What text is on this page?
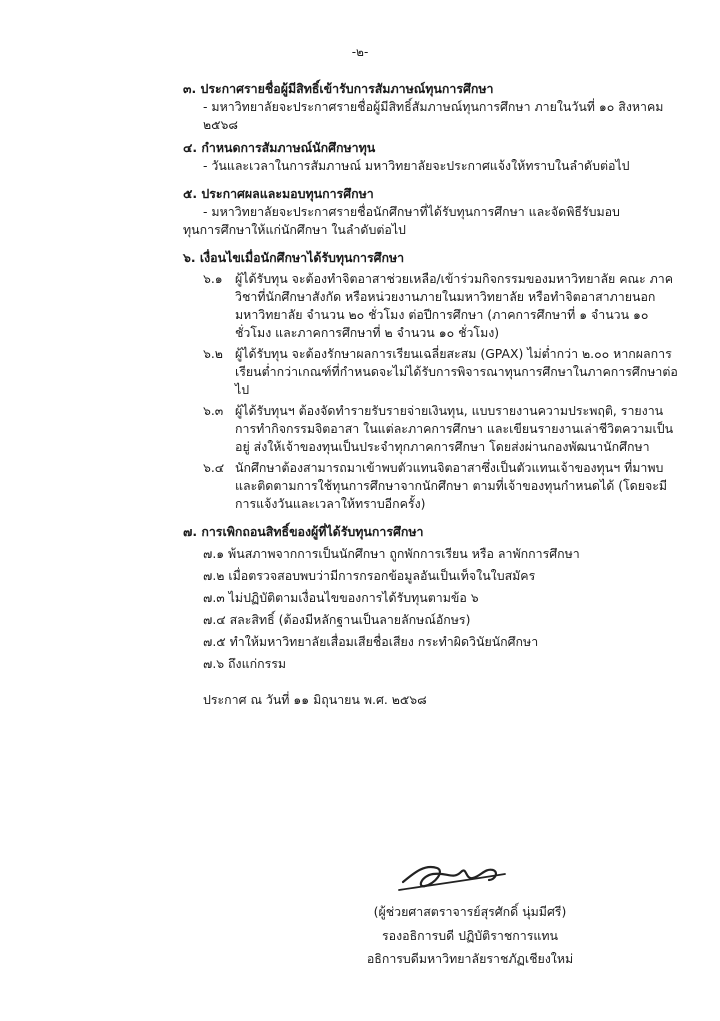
-๒-

๓. ประกาศรายชื่อผู้มีสิทธิ์เข้ารับการสัมภาษณ์ทุนการศึกษา

- มหาวิทยาลัยจะประกาศรายชื่อผู้มีสิทธิ์สัมภาษณ์ทุนการศึกษา ภายในวันที่ ๑๐ สิงหาคม ๒๕๖๘

๔. กำหนดการสัมภาษณ์นักศึกษาทุน

- วันและเวลาในการสัมภาษณ์ มหาวิทยาลัยจะประกาศแจ้งให้ทราบในลำดับต่อไป

๕. ประกาศผลและมอบทุนการศึกษา

- มหาวิทยาลัยจะประกาศรายชื่อนักศึกษาที่ได้รับทุนการศึกษา และจัดพิธีรับมอบ

ทุนการศึกษาให้แก่นักศึกษา ในลำดับต่อไป

๖. เงื่อนไขเมื่อนักศึกษาได้รับทุนการศึกษา

๖.๑ ผู้ได้รับทุน จะต้องทำจิตอาสาช่วยเหลือ/เข้าร่วมกิจกรรมของมหาวิทยาลัย คณะ ภาควิชาที่นักศึกษาสังกัด หรือหน่วยงานภายในมหาวิทยาลัย หรือทำจิตอาสาภายนอกมหาวิทยาลัย จำนวน ๒๐ ชั่วโมง ต่อปีการศึกษา (ภาคการศึกษาที่ ๑ จำนวน ๑๐ ชั่วโมง และภาคการศึกษาที่ ๒ จำนวน ๑๐ ชั่วโมง)
๖.๒ ผู้ได้รับทุน จะต้องรักษาผลการเรียนเฉลี่ยสะสม (GPAX) ไม่ต่ำกว่า ๒.๐๐ หากผลการเรียนต่ำกว่าเกณฑ์ที่กำหนดจะไม่ได้รับการพิจารณาทุนการศึกษาในภาคการศึกษาต่อไป
๖.๓ ผู้ได้รับทุนฯ ต้องจัดทำรายรับรายจ่ายเงินทุน, แบบรายงานความประพฤติ, รายงานการทำกิจกรรมจิตอาสา ในแต่ละภาคการศึกษา และเขียนรายงานเล่าชีวิตความเป็นอยู่ ส่งให้เจ้าของทุนเป็นประจำทุกภาคการศึกษา โดยส่งผ่านกองพัฒนานักศึกษา
๖.๔ นักศึกษาต้องสามารถมาเข้าพบตัวแทนจิตอาสาซึ่งเป็นตัวแทนเจ้าของทุนฯ ที่มาพบและติดตามการใช้ทุนการศึกษาจากนักศึกษา ตามที่เจ้าของทุนกำหนดได้ (โดยจะมีการแจ้งวันและเวลาให้ทราบอีกครั้ง)

๗. การเพิกถอนสิทธิ์ของผู้ที่ได้รับทุนการศึกษา

๗.๑ พ้นสภาพจากการเป็นนักศึกษา ถูกพักการเรียน หรือ ลาพักการศึกษา

๗.๒ เมื่อตรวจสอบพบว่ามีการกรอกข้อมูลอันเป็นเท็จในใบสมัคร

๗.๓ ไม่ปฏิบัติตามเงื่อนไขของการได้รับทุนตามข้อ ๖

๗.๔ สละสิทธิ์ (ต้องมีหลักฐานเป็นลายลักษณ์อักษร)

๗.๕ ทำให้มหาวิทยาลัยเสื่อมเสียชื่อเสียง กระทำผิดวินัยนักศึกษา

๗.๖ ถึงแก่กรรม

ประกาศ ณ วันที่ ๑๑ มิถุนายน พ.ศ. ๒๕๖๘

(ผู้ช่วยศาสตราจารย์สุรศักดิ์ นุ่มมีศรี)
รองอธิการบดี ปฏิบัติราชการแทน
อธิการบดีมหาวิทยาลัยราชภัฏเชียงใหม่
